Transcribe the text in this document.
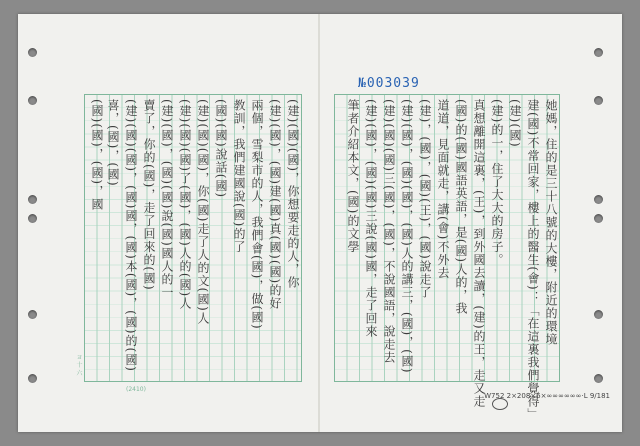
(建)(國)(國)，你想要走的人，你
(建)(國)，(國)建(國)真(國)(國)的好
兩個，雪梨市的人，我們會(國)，做(國)
教訓，我們建國說(國)的了
(國)(國)說話(國)
(建)(國)(國)，你(國)走了人的文(國)人
(建)(國)(國)了(國)，(國)人的(國)人
(建)(國)，(國)(國)說(國)國人的一
賣了，你的(國)，走了回來的(國)
(建)(國)(國)，(國)國，(國)本(國)，(國)的(國)
喜，(國)，(國)
(國)(國)，(國)，國	她媽，住的是三十八號的大樓，附近的環境
建(國)不常回家，樓上的醫生(會)：「在這裏我們覺得」
(建)(國)
(建)的一，住了大大的房子。
真想離開這裏，(王)，到外國去讀，(建)的王，走又走
(國)的(國)國語英語，是(國)人的，我
道道，見面就走，講(會)不外去
(建)，(國)，(國)(王)，(國)說走了
(建)(國)，(國)(國)，(國)人的講三，(國)，(國)
(建)(國)(國)三(國)，(國)，不說國語，說走去
(建)(國)，(國)(國)三說(國)國，走了回來
筆者介紹本文，(國)的文學
№003039
ヨ 十 六
(2410)
W752 2×208×6×∞∞∞∞∞∞·L 9/181
